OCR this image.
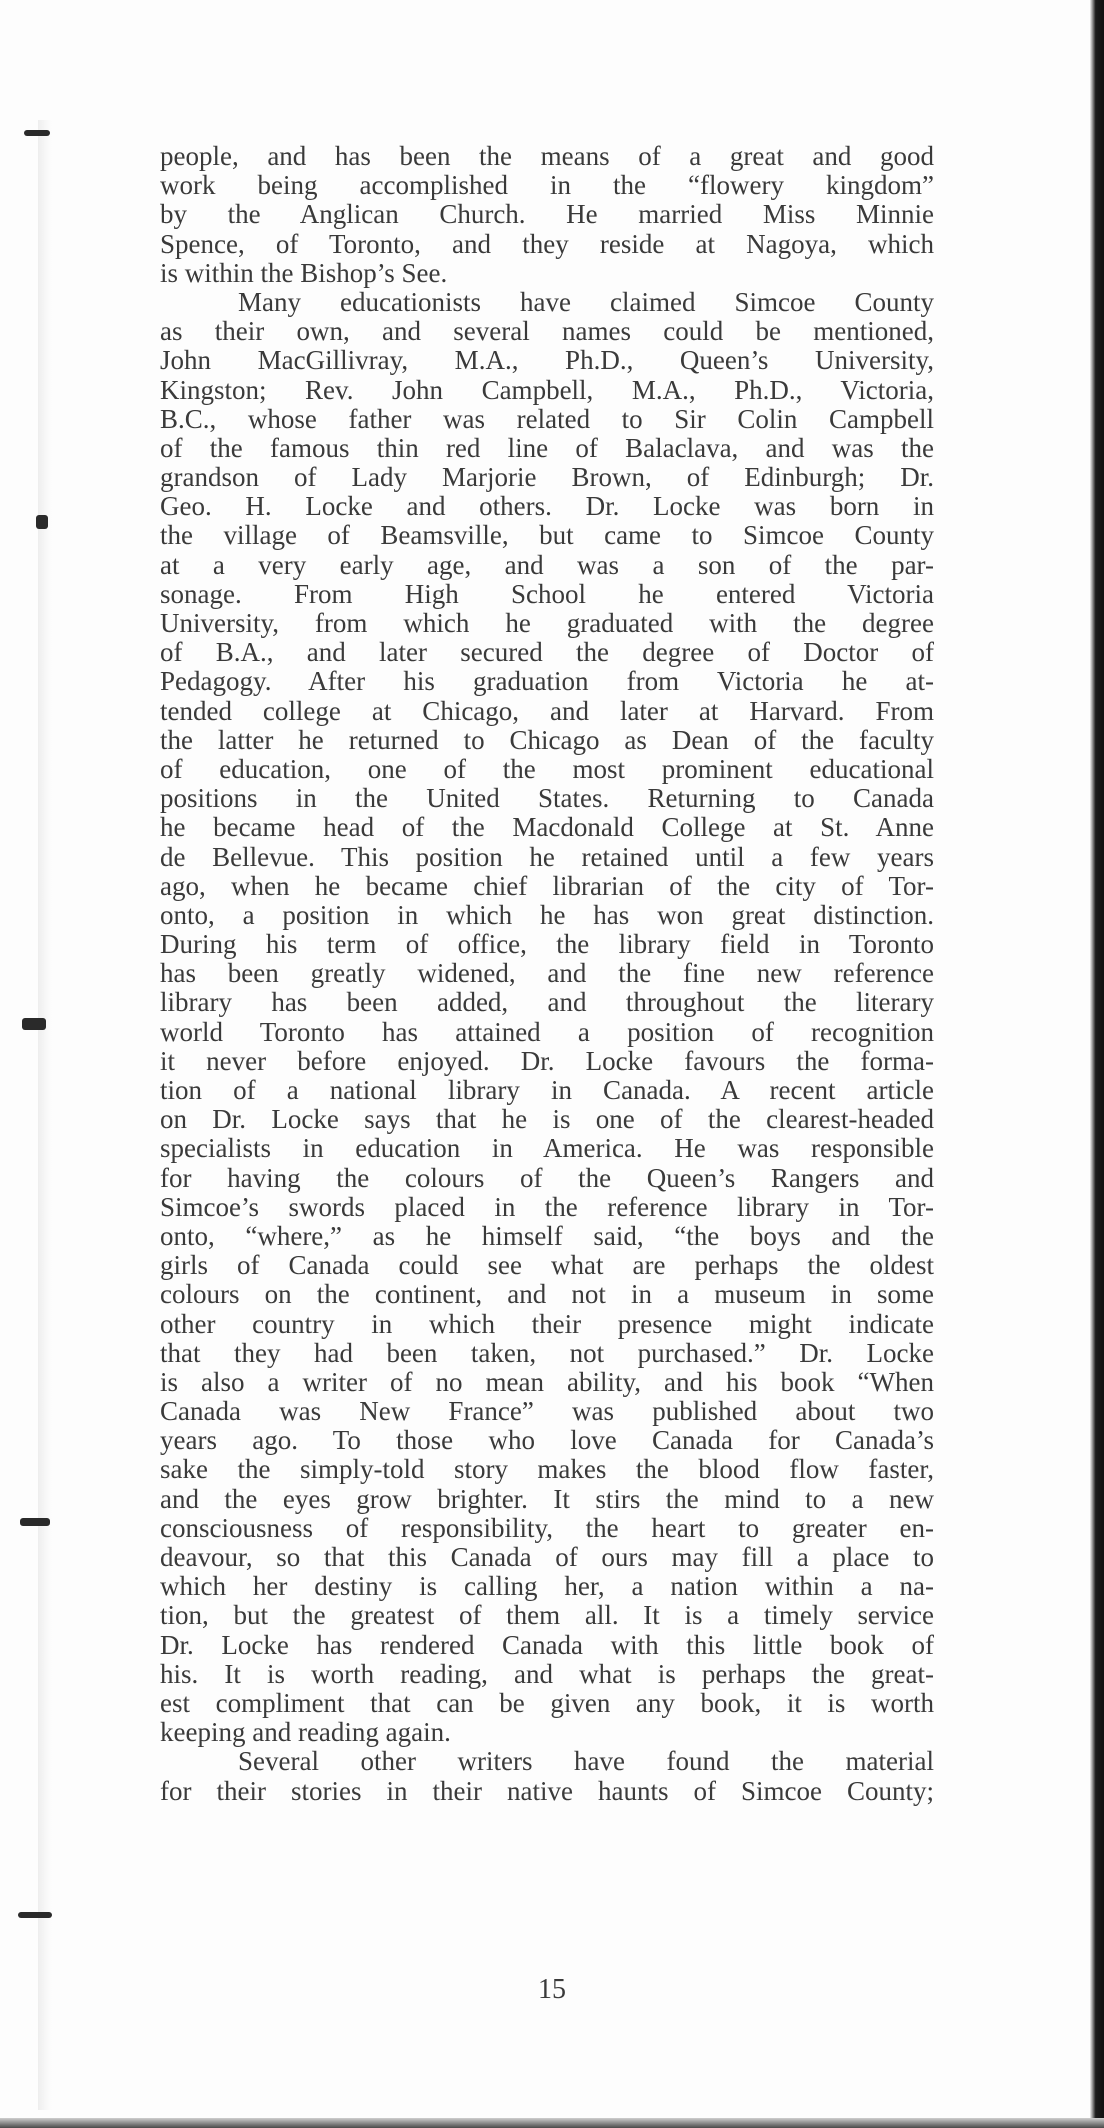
people, and has been the means of a great and good
work being accomplished in the “flowery kingdom”
by the Anglican Church. He married Miss Minnie
Spence, of Toronto, and they reside at Nagoya, which
is within the Bishop’s See.
Many educationists have claimed Simcoe County
as their own, and several names could be mentioned,
John MacGillivray, M.A., Ph.D., Queen’s University,
Kingston; Rev. John Campbell, M.A., Ph.D., Victoria,
B.C., whose father was related to Sir Colin Campbell
of the famous thin red line of Balaclava, and was the
grandson of Lady Marjorie Brown, of Edinburgh; Dr.
Geo. H. Locke and others. Dr. Locke was born in
the village of Beamsville, but came to Simcoe County
at a very early age, and was a son of the par-
sonage. From High School he entered Victoria
University, from which he graduated with the degree
of B.A., and later secured the degree of Doctor of
Pedagogy. After his graduation from Victoria he at-
tended college at Chicago, and later at Harvard. From
the latter he returned to Chicago as Dean of the faculty
of education, one of the most prominent educational
positions in the United States. Returning to Canada
he became head of the Macdonald College at St. Anne
de Bellevue. This position he retained until a few years
ago, when he became chief librarian of the city of Tor-
onto, a position in which he has won great distinction.
During his term of office, the library field in Toronto
has been greatly widened, and the fine new reference
library has been added, and throughout the literary
world Toronto has attained a position of recognition
it never before enjoyed. Dr. Locke favours the forma-
tion of a national library in Canada. A recent article
on Dr. Locke says that he is one of the clearest-headed
specialists in education in America. He was responsible
for having the colours of the Queen’s Rangers and
Simcoe’s swords placed in the reference library in Tor-
onto, “where,” as he himself said, “the boys and the
girls of Canada could see what are perhaps the oldest
colours on the continent, and not in a museum in some
other country in which their presence might indicate
that they had been taken, not purchased.” Dr. Locke
is also a writer of no mean ability, and his book “When
Canada was New France” was published about two
years ago. To those who love Canada for Canada’s
sake the simply-told story makes the blood flow faster,
and the eyes grow brighter. It stirs the mind to a new
consciousness of responsibility, the heart to greater en-
deavour, so that this Canada of ours may fill a place to
which her destiny is calling her, a nation within a na-
tion, but the greatest of them all. It is a timely service
Dr. Locke has rendered Canada with this little book of
his. It is worth reading, and what is perhaps the great-
est compliment that can be given any book, it is worth
keeping and reading again.
Several other writers have found the material
for their stories in their native haunts of Simcoe County;
15
